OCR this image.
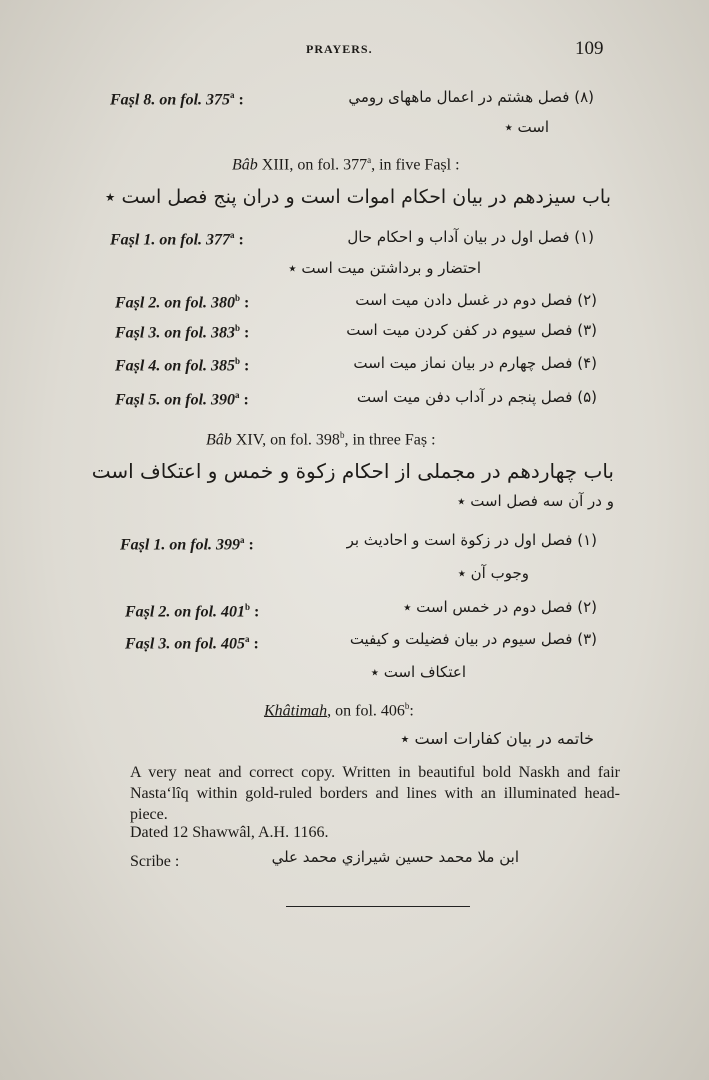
PRAYERS.	109
Faṣl 8. on fol. 375$^a$ :	(۸) فصل هشتم در اعمال ماههای رومي
است ٭
Bâb XIII, on fol. 377$^a$, in five Faṣl :
باب سیزدهم در بیان احکام اموات است و دران پنج فصل است ٭
Faṣl 1. on fol. 377$^a$ :	(۱) فصل اول در بیان آداب و احکام حال
احتضار و برداشتن میت است ٭
Faṣl 2. on fol. 380$^b$ :	(۲) فصل دوم در غسل دادن میت است
Faṣl 3. on fol. 383$^b$ :	(۳) فصل سیوم در کفن کردن میت است
Faṣl 4. on fol. 385$^b$ :	(۴) فصل چهارم در بیان نماز میت است
Faṣl 5. on fol. 390$^a$ :	(۵) فصل پنجم در آداب دفن میت است
Bâb XIV, on fol. 398$^b$, in three Faṣ :
باب چهاردهم در مجملی از احکام زکوة و خمس و اعتکاف است
و در آن سه فصل است ٭
Faṣl 1. on fol. 399$^a$ :	(۱) فصل اول در زکوة است و احادیث بر
وجوب آن ٭
Faṣl 2. on fol. 401$^b$ :	(۲) فصل دوم در خمس است ٭
Faṣl 3. on fol. 405$^a$ :	(۳) فصل سیوم در بیان فضیلت و کیفیت
اعتکاف است ٭
Khâtimah, on fol. 406$^b$:
خاتمه در بیان کفارات است ٭
A very neat and correct copy. Written in beautiful bold Naskh and fair Nastaʻlîq within gold-ruled borders and lines with an illuminated head-piece.
Dated 12 Shawwâl, A.H. 1166.
Scribe :	ابن ملا محمد حسین شیرازي محمد علي
